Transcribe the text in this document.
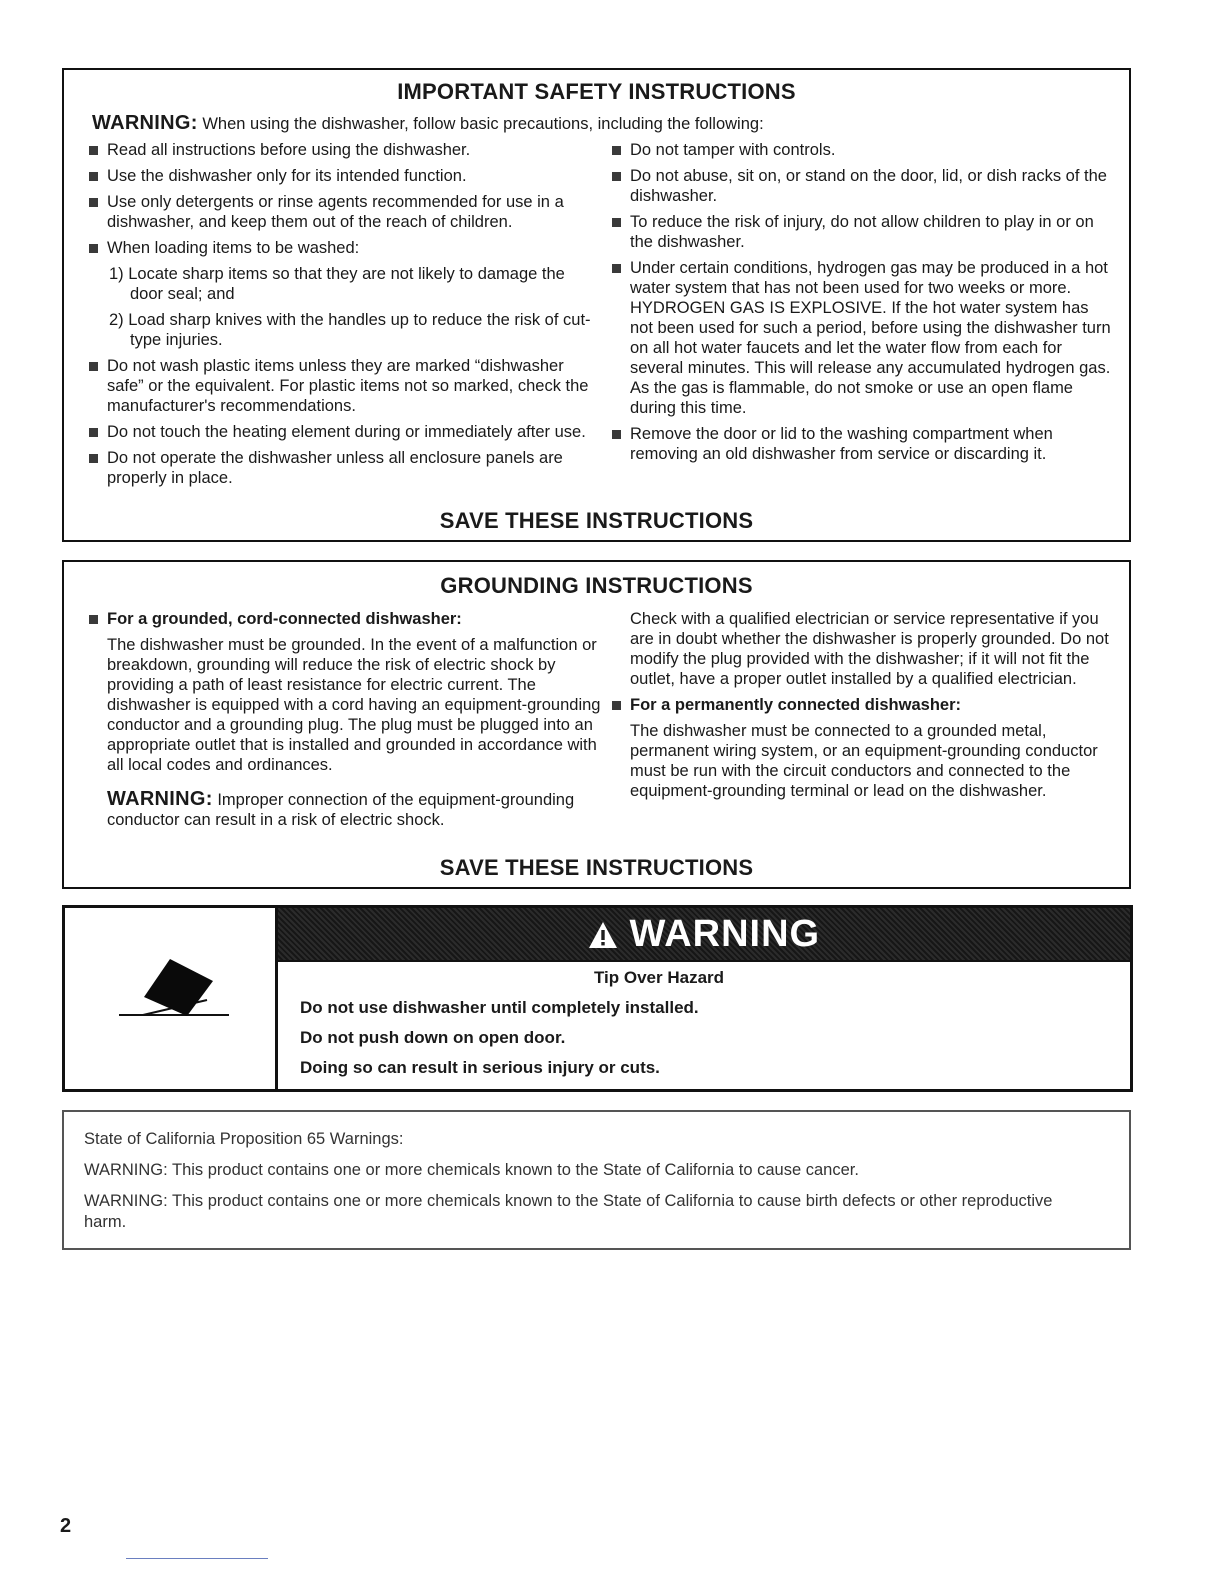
IMPORTANT SAFETY INSTRUCTIONS
WARNING: When using the dishwasher, follow basic precautions, including the following:
Read all instructions before using the dishwasher.
Use the dishwasher only for its intended function.
Use only detergents or rinse agents recommended for use in a dishwasher, and keep them out of the reach of children.
When loading items to be washed:
1) Locate sharp items so that they are not likely to damage the door seal; and
2) Load sharp knives with the handles up to reduce the risk of cut-type injuries.
Do not wash plastic items unless they are marked “dishwasher safe” or the equivalent. For plastic items not so marked, check the manufacturer's recommendations.
Do not touch the heating element during or immediately after use.
Do not operate the dishwasher unless all enclosure panels are properly in place.
Do not tamper with controls.
Do not abuse, sit on, or stand on the door, lid, or dish racks of the dishwasher.
To reduce the risk of injury, do not allow children to play in or on the dishwasher.
Under certain conditions, hydrogen gas may be produced in a hot water system that has not been used for two weeks or more. HYDROGEN GAS IS EXPLOSIVE. If the hot water system has not been used for such a period, before using the dishwasher turn on all hot water faucets and let the water flow from each for several minutes. This will release any accumulated hydrogen gas. As the gas is flammable, do not smoke or use an open flame during this time.
Remove the door or lid to the washing compartment when removing an old dishwasher from service or discarding it.
SAVE THESE INSTRUCTIONS
GROUNDING INSTRUCTIONS
For a grounded, cord-connected dishwasher:
The dishwasher must be grounded. In the event of a malfunction or breakdown, grounding will reduce the risk of electric shock by providing a path of least resistance for electric current. The dishwasher is equipped with a cord having an equipment-grounding conductor and a grounding plug. The plug must be plugged into an appropriate outlet that is installed and grounded in accordance with all local codes and ordinances.
WARNING: Improper connection of the equipment-grounding conductor can result in a risk of electric shock.
Check with a qualified electrician or service representative if you are in doubt whether the dishwasher is properly grounded. Do not modify the plug provided with the dishwasher; if it will not fit the outlet, have a proper outlet installed by a qualified electrician.
For a permanently connected dishwasher:
The dishwasher must be connected to a grounded metal, permanent wiring system, or an equipment-grounding conductor must be run with the circuit conductors and connected to the equipment-grounding terminal or lead on the dishwasher.
SAVE THESE INSTRUCTIONS
WARNING
Tip Over Hazard
Do not use dishwasher until completely installed.
Do not push down on open door.
Doing so can result in serious injury or cuts.
State of California Proposition 65 Warnings:
WARNING: This product contains one or more chemicals known to the State of California to cause cancer.
WARNING: This product contains one or more chemicals known to the State of California to cause birth defects or other reproductive harm.
2
